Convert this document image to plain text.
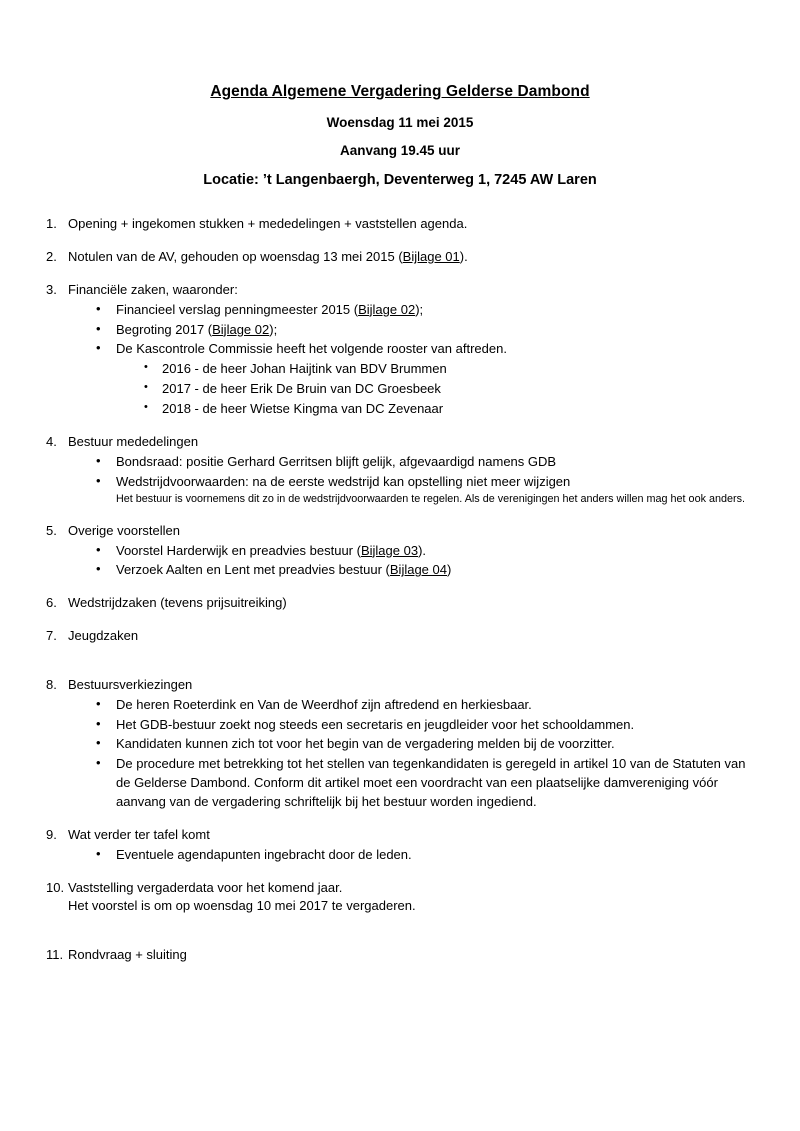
Agenda Algemene Vergadering Gelderse Dambond
Woensdag 11 mei 2015
Aanvang 19.45 uur
Locatie: ’t Langenbaergh, Deventerweg 1, 7245 AW Laren
1. Opening + ingekomen stukken + mededelingen + vaststellen agenda.
2. Notulen van de AV, gehouden op woensdag 13 mei 2015 (Bijlage 01).
3. Financiële zaken, waaronder:
• Financieel verslag penningmeester 2015 (Bijlage 02);
• Begroting 2017 (Bijlage 02);
• De Kascontrole Commissie heeft het volgende rooster van aftreden.
• 2016 - de heer Johan Haijtink van BDV Brummen
• 2017 - de heer Erik De Bruin van DC Groesbeek
• 2018 - de heer Wietse Kingma van DC Zevenaar
4. Bestuur mededelingen
• Bondsraad: positie Gerhard Gerritsen blijft gelijk, afgevaardigd namens GDB
• Wedstrijdvoorwaarden: na de eerste wedstrijd kan opstelling niet meer wijzigen
Het bestuur is voornemens dit zo in de wedstrijdvoorwaarden te regelen. Als de verenigingen het anders willen mag het ook anders.
5. Overige voorstellen
• Voorstel Harderwijk en preadvies bestuur (Bijlage 03).
• Verzoek Aalten en Lent met preadvies bestuur (Bijlage 04)
6. Wedstrijdzaken (tevens prijsuitreiking)
7. Jeugdzaken
8. Bestuursverkiezingen
• De heren Roeterdink en Van de Weerdhof zijn aftredend en herkiesbaar.
• Het GDB-bestuur zoekt nog steeds een secretaris en jeugdleider voor het schooldammen.
• Kandidaten kunnen zich tot voor het begin van de vergadering melden bij de voorzitter.
• De procedure met betrekking tot het stellen van tegenkandidaten is geregeld in artikel 10 van de Statuten van de Gelderse Dambond. Conform dit artikel moet een voordracht van een plaatselijke damvereniging vóór aanvang van de vergadering schriftelijk bij het bestuur worden ingediend.
9. Wat verder ter tafel komt
• Eventuele agendapunten ingebracht door de leden.
10. Vaststelling vergaderdata voor het komend jaar.
Het voorstel is om op woensdag 10 mei 2017 te vergaderen.
11. Rondvraag + sluiting
